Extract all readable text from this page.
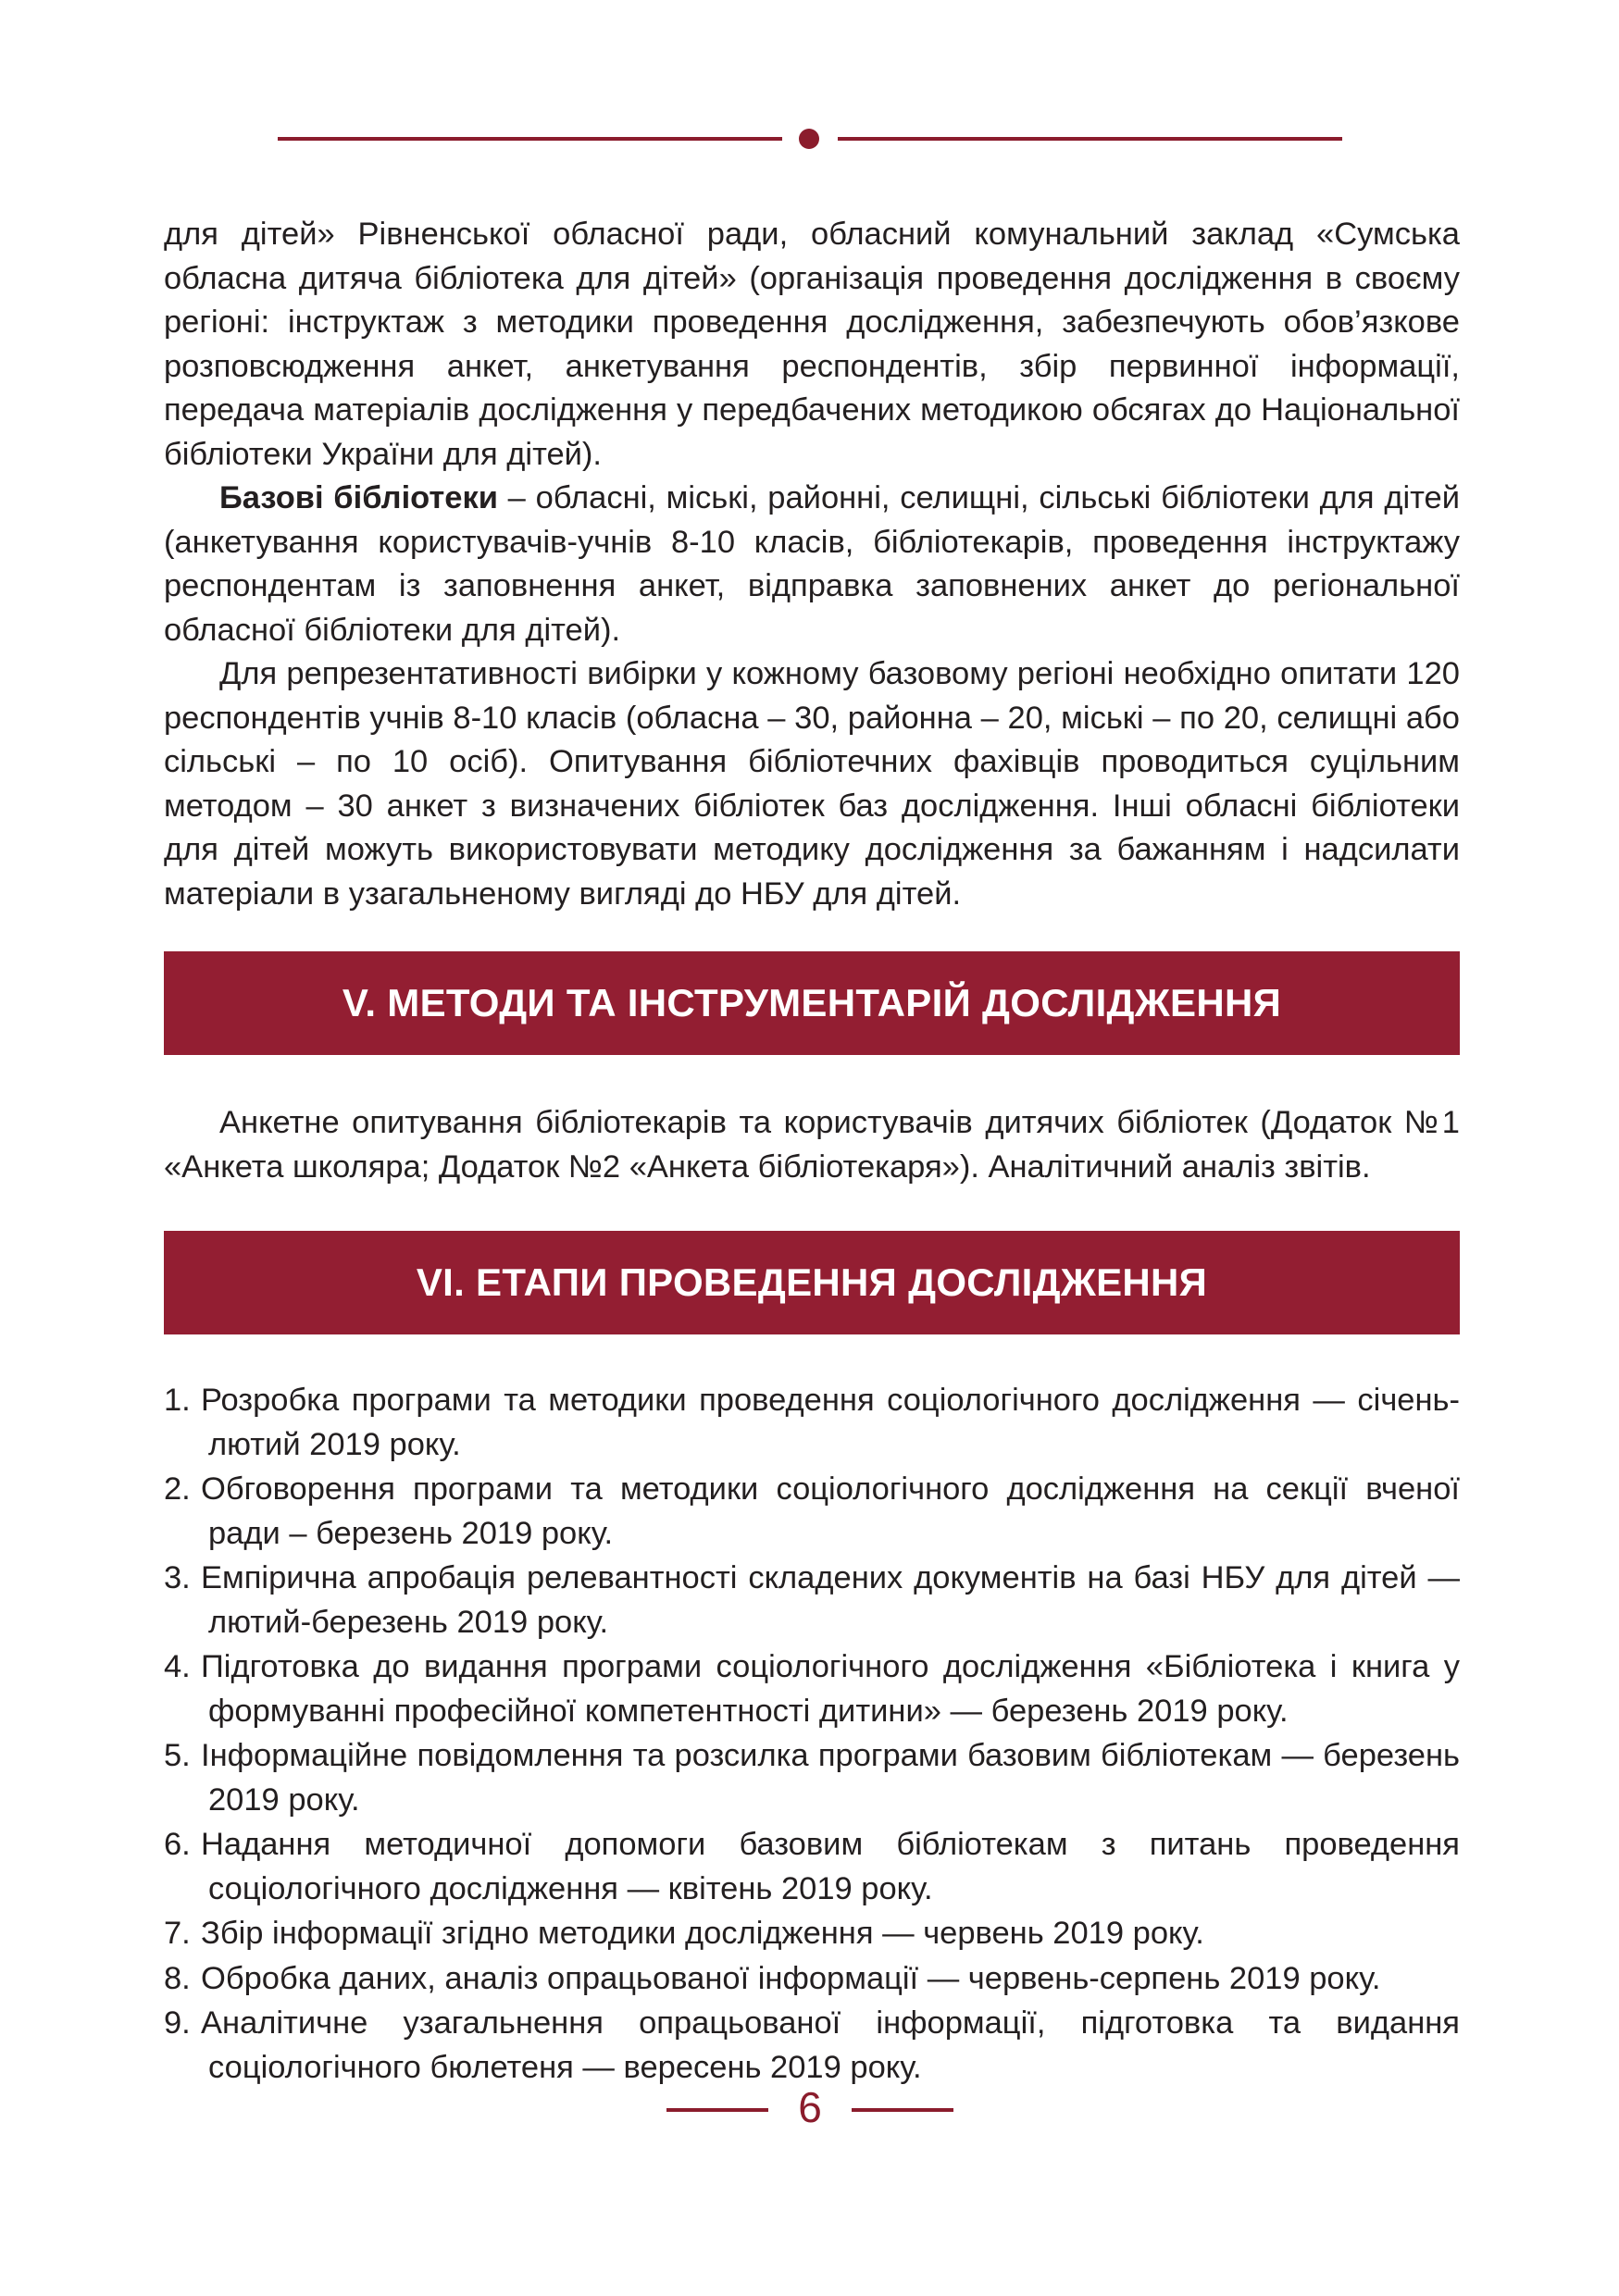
для дітей» Рівненської обласної ради, обласний комунальний заклад «Сумська обласна дитяча бібліотека для дітей» (організація проведення дослідження в своєму регіоні: інструктаж з методики проведення дослідження, забезпечують обов’язкове розповсюдження анкет, анкетування респондентів, збір первинної інформації, передача матеріалів дослідження у передбачених методикою обсягах до Національної бібліотеки України для дітей).

Базові бібліотеки – обласні, міські, районні, селищні, сільські бібліотеки для дітей (анкетування користувачів-учнів 8-10 класів, бібліотекарів, проведення інструктажу респондентам із заповнення анкет, відправка заповнених анкет до регіональної обласної бібліотеки для дітей).

Для репрезентативності вибірки у кожному базовому регіоні необхідно опитати 120 респондентів учнів 8-10 класів (обласна – 30, районна – 20, міські – по 20, селищні або сільські – по 10 осіб). Опитування бібліотечних фахівців проводиться суцільним методом – 30 анкет з визначених бібліотек баз дослідження. Інші обласні бібліотеки для дітей можуть використовувати методику дослідження за бажанням і надсилати матеріали в узагальненому вигляді до НБУ для дітей.

V. МЕТОДИ ТА ІНСТРУМЕНТАРІЙ ДОСЛІДЖЕННЯ

Анкетне опитування бібліотекарів та користувачів дитячих бібліотек (Додаток №1 «Анкета школяра; Додаток №2 «Анкета бібліотекаря»). Аналітичний аналіз звітів.

VI. ЕТАПИ ПРОВЕДЕННЯ ДОСЛІДЖЕННЯ
1. Розробка програми та методики проведення соціологічного дослідження — січень-лютий 2019 року.
2. Обговорення програми та методики соціологічного дослідження на секції вченої ради – березень 2019 року.
3. Емпірична апробація релевантності складених документів на базі НБУ для дітей — лютий-березень 2019 року.
4. Підготовка до видання програми соціологічного дослідження «Бібліотека і книга у формуванні професійної компетентності дитини» — березень 2019 року.
5. Інформаційне повідомлення та розсилка програми базовим бібліотекам — березень 2019 року.
6. Надання методичної допомоги базовим бібліотекам з питань проведення соціологічного дослідження — квітень 2019 року.
7. Збір інформації згідно методики дослідження — червень 2019 року.
8. Обробка даних, аналіз опрацьованої інформації — червень-серпень 2019 року.
9. Аналітичне узагальнення опрацьованої інформації, підготовка та видання соціологічного бюлетеня — вересень 2019 року.
6
